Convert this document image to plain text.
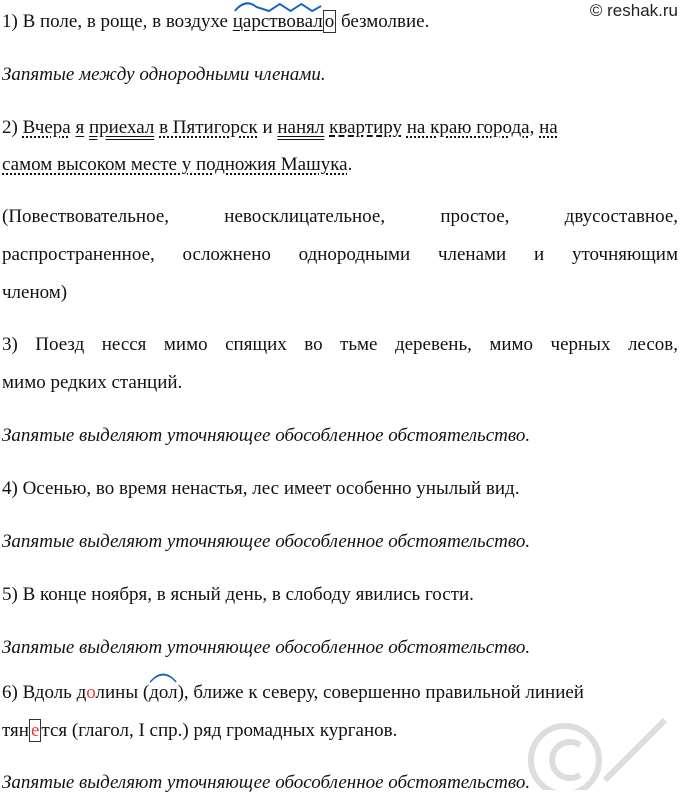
© reshak.ru
1) В поле, в роще, в воздухе
царствовал о безмолвие.
Запятые между однородными членами.
2) Вчера я приехал в Пятигорск и нанял квартиру на краю города, на
самом высоком месте у подножия Машука.
(Повествовательное, невосклицательное, простое, двусоставное,
распространенное, осложнено однородными членами и уточняющим
членом)
3) Поезд несся мимо спящих во тьме деревень, мимо черных лесов,
мимо редких станций.
Запятые выделяют уточняющее обособленное обстоятельство.
4) Осенью, во время ненастья, лес имеет особенно унылый вид.
Запятые выделяют уточняющее обособленное обстоятельство.
5) В конце ноября, в ясный день, в слободу явились гости.
Запятые выделяют уточняющее обособленное обстоятельство.
6) Вдоль долины (
дол), ближе к северу, совершенно правильной линией
тян е тся (глагол, I спр.) ряд громадных курганов.
Запятые выделяют уточняющее обособленное обстоятельство.
